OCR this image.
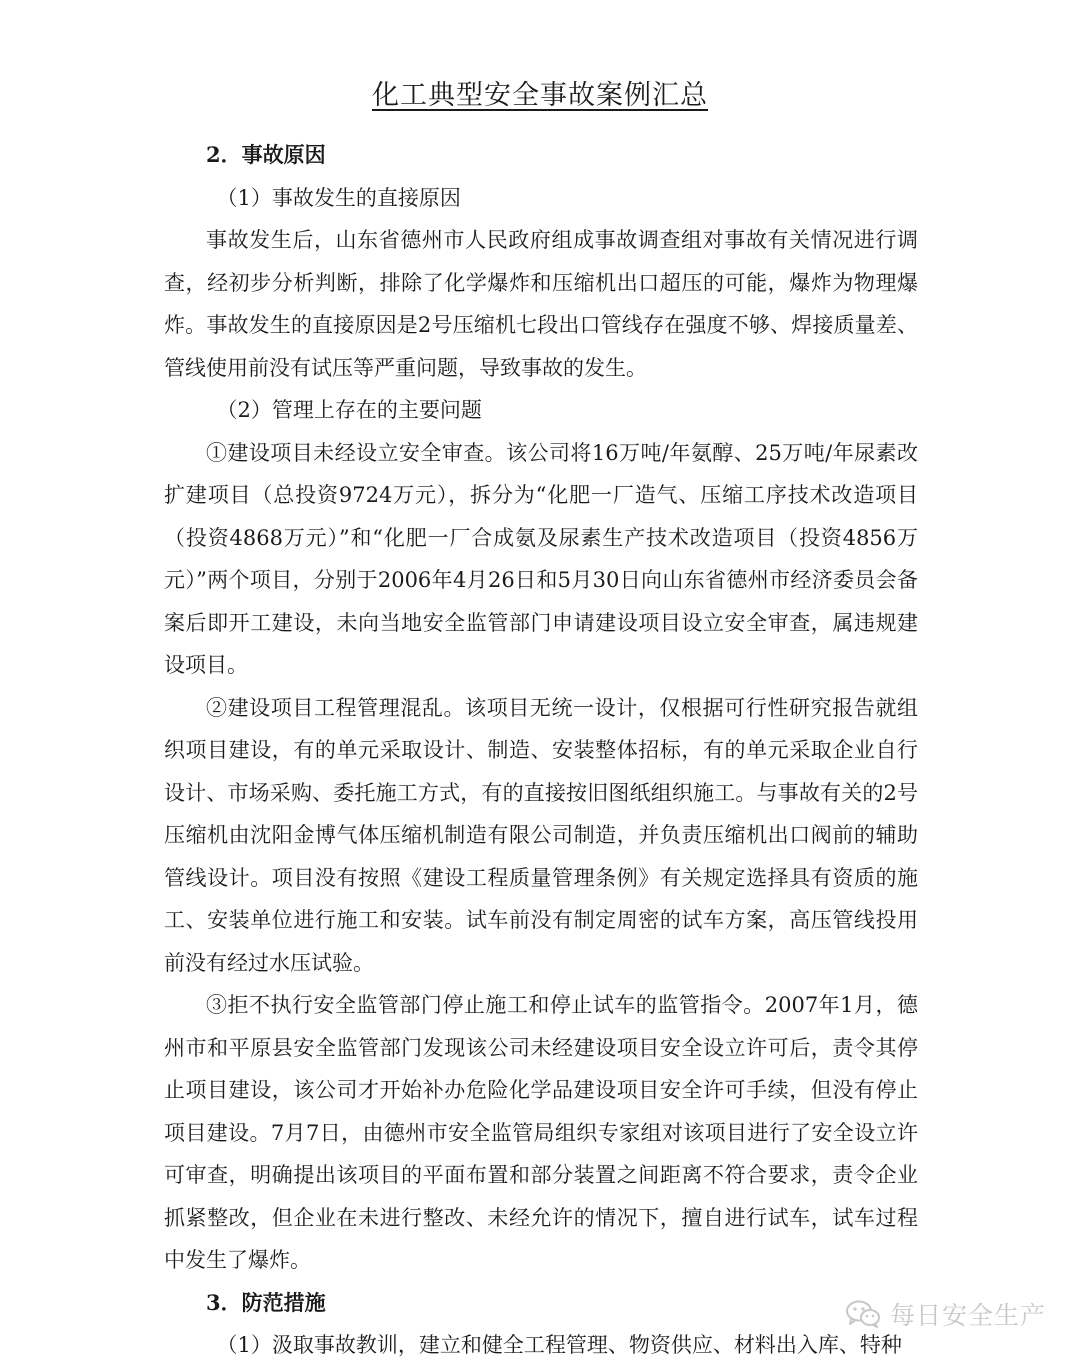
化工典型安全事故案例汇总

2．事故原因

（1）事故发生的直接原因

事故发生后，山东省德州市人民政府组成事故调查组对事故有关情况进行调查，经初步分析判断，排除了化学爆炸和压缩机出口超压的可能，爆炸为物理爆炸。事故发生的直接原因是2号压缩机七段出口管线存在强度不够、焊接质量差、管线使用前没有试压等严重问题，导致事故的发生。

（2）管理上存在的主要问题

①建设项目未经设立安全审查。该公司将16万吨/年氨醇、25万吨/年尿素改扩建项目（总投资9724万元），拆分为“化肥一厂造气、压缩工序技术改造项目（投资4868万元）”和“化肥一厂合成氨及尿素生产技术改造项目（投资4856万元）”两个项目，分别于2006年4月26日和5月30日向山东省德州市经济委员会备案后即开工建设，未向当地安全监管部门申请建设项目设立安全审查，属违规建设项目。

②建设项目工程管理混乱。该项目无统一设计，仅根据可行性研究报告就组织项目建设，有的单元采取设计、制造、安装整体招标，有的单元采取企业自行设计、市场采购、委托施工方式，有的直接按旧图纸组织施工。与事故有关的2号压缩机由沈阳金博气体压缩机制造有限公司制造，并负责压缩机出口阀前的辅助管线设计。项目没有按照《建设工程质量管理条例》有关规定选择具有资质的施工、安装单位进行施工和安装。试车前没有制定周密的试车方案，高压管线投用前没有经过水压试验。

③拒不执行安全监管部门停止施工和停止试车的监管指令。2007年1月，德州市和平原县安全监管部门发现该公司未经建设项目安全设立许可后，责令其停止项目建设，该公司才开始补办危险化学品建设项目安全许可手续，但没有停止项目建设。7月7日，由德州市安全监管局组织专家组对该项目进行了安全设立许可审查，明确提出该项目的平面布置和部分装置之间距离不符合要求，责令企业抓紧整改，但企业在未进行整改、未经允许的情况下，擅自进行试车，试车过程中发生了爆炸。

3．防范措施

（1）汲取事故教训，建立和健全工程管理、物资供应、材料出入库、特种

每日安全生产
